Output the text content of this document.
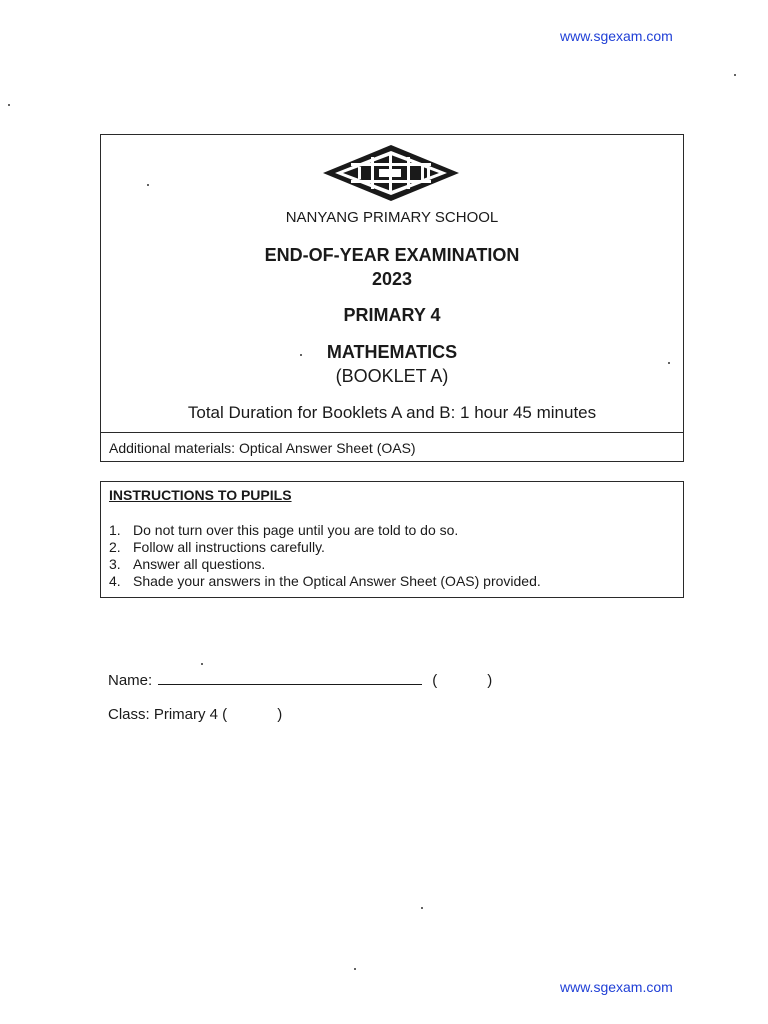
www.sgexam.com
NANYANG PRIMARY SCHOOL
END-OF-YEAR EXAMINATION
2023
PRIMARY 4
MATHEMATICS
(BOOKLET A)
Total Duration for Booklets A and B: 1 hour 45 minutes
Additional materials: Optical Answer Sheet (OAS)
INSTRUCTIONS TO PUPILS
1. Do not turn over this page until you are told to do so.
2. Follow all instructions carefully.
3. Answer all questions.
4. Shade your answers in the Optical Answer Sheet (OAS) provided.
Name:	(	)
Class: Primary 4 (	)
www.sgexam.com
